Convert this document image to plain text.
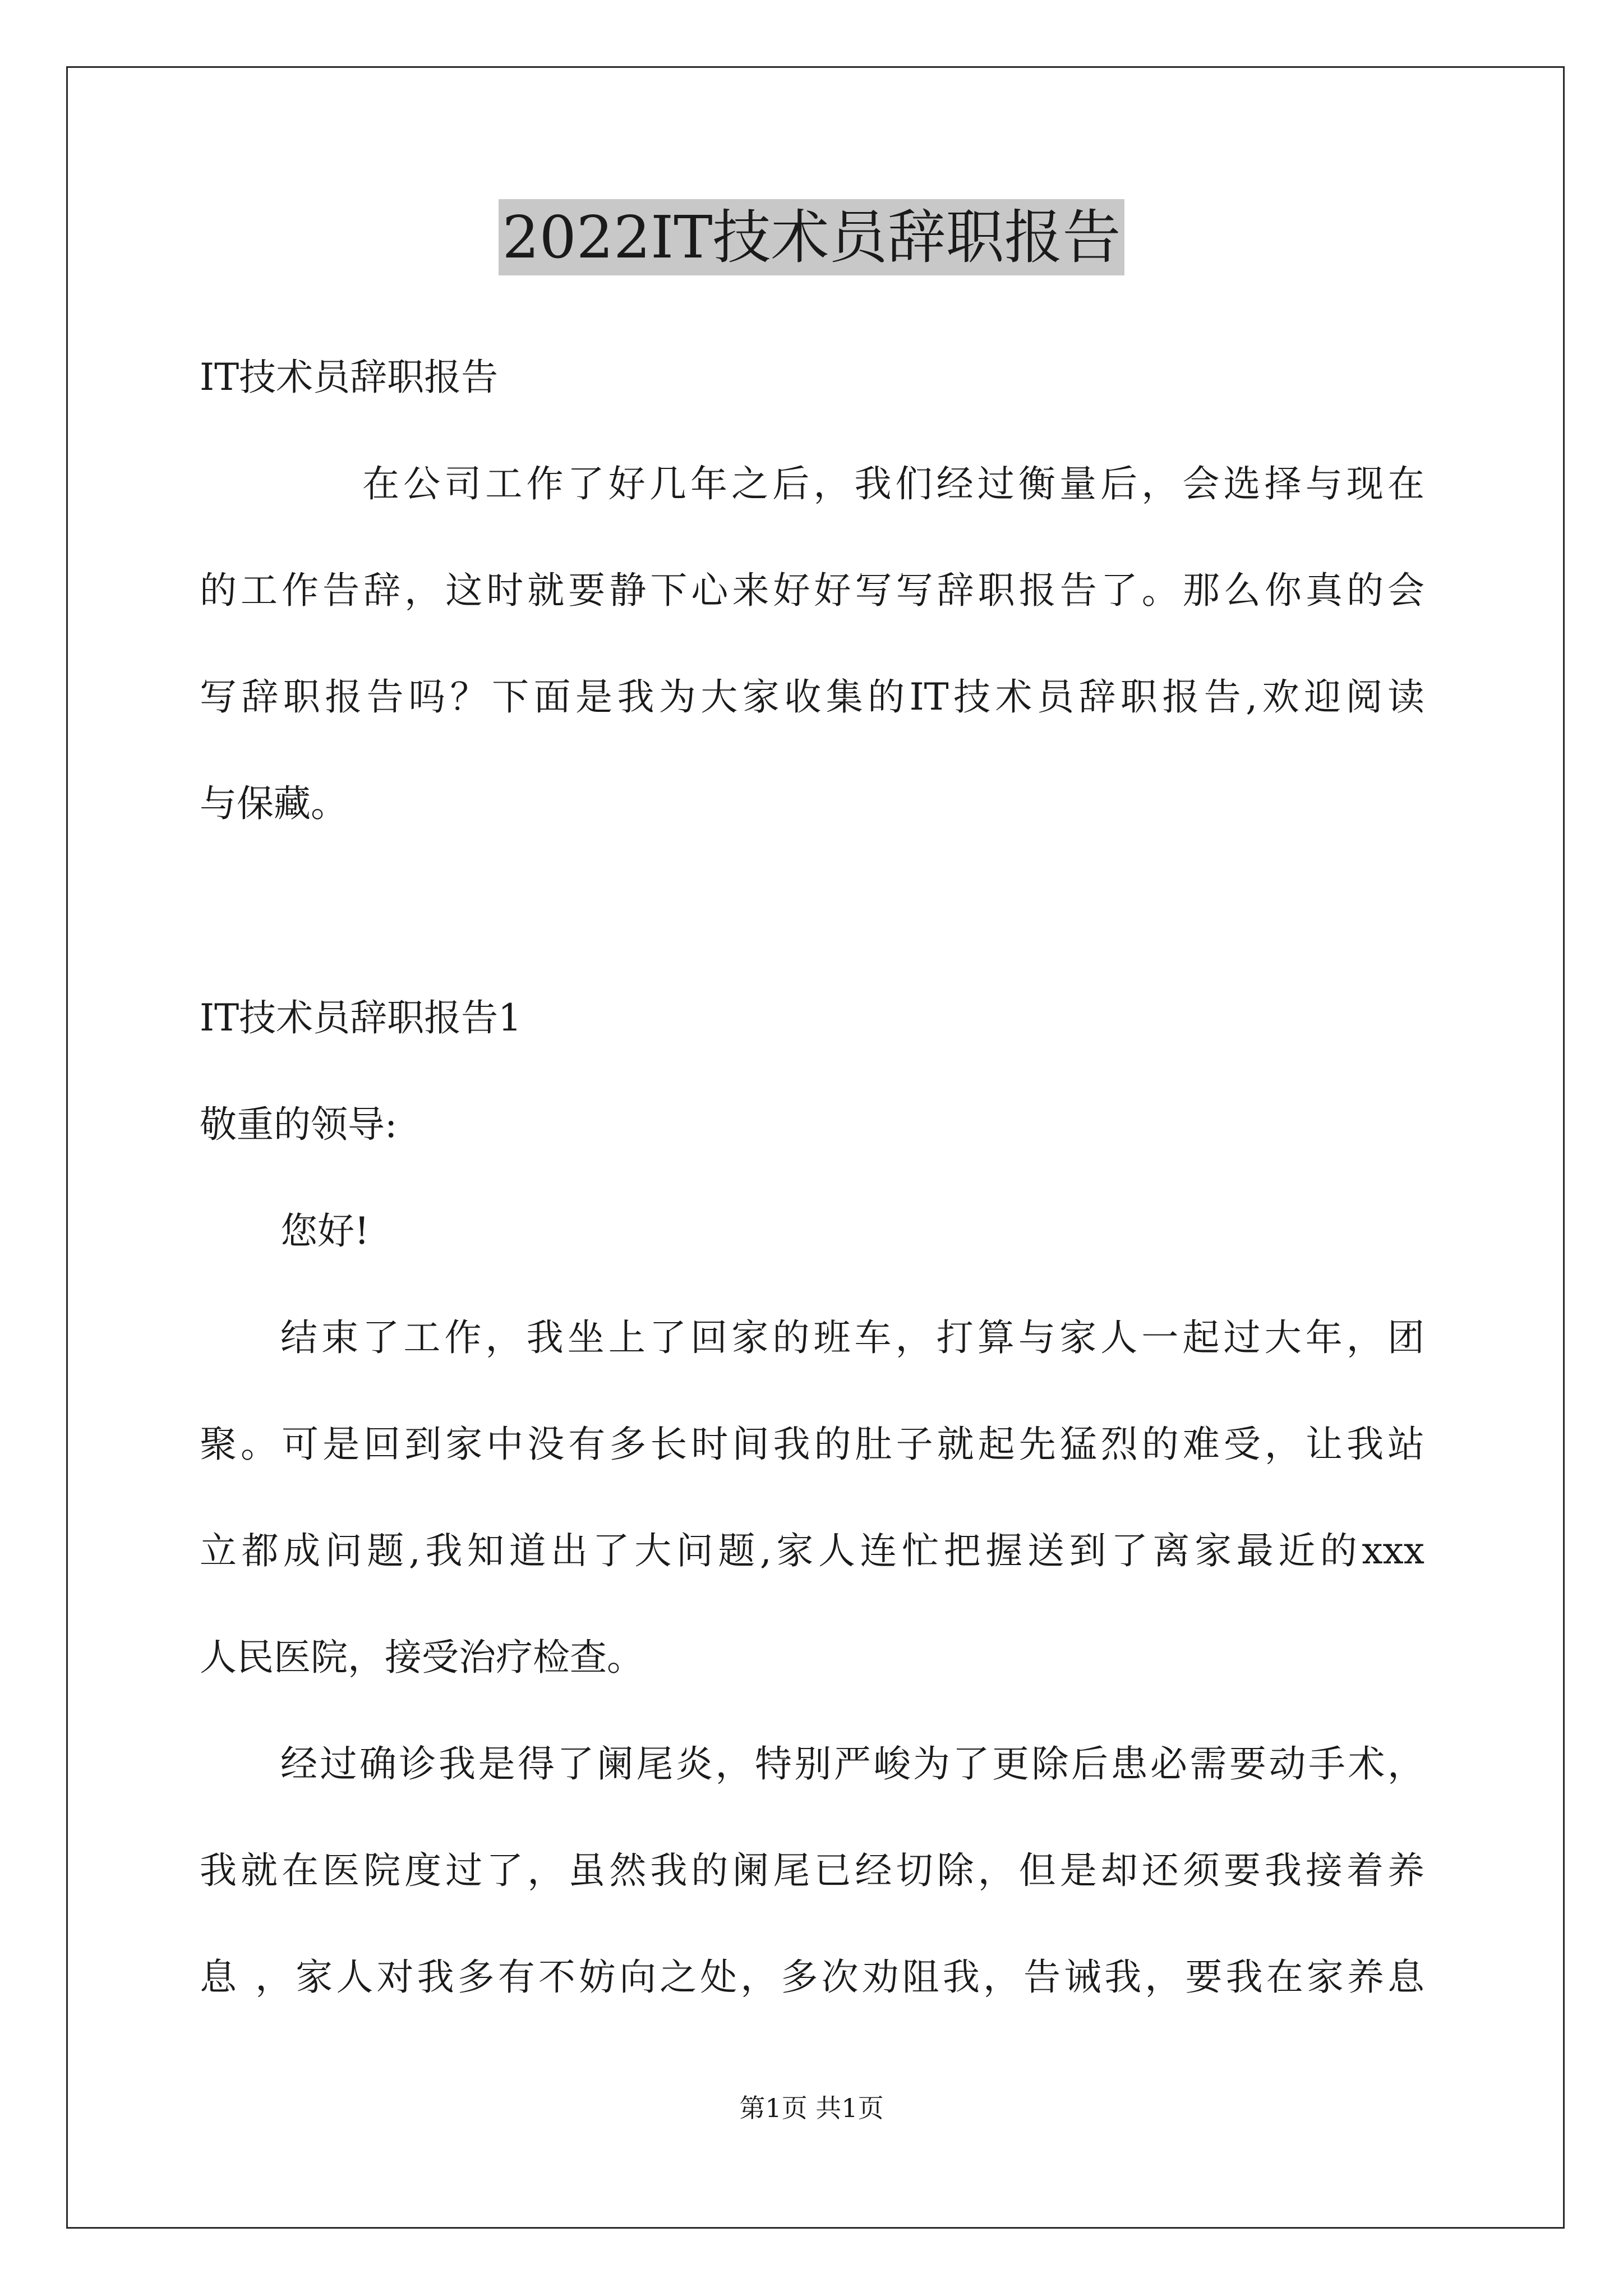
2022IT技术员辞职报告
IT技术员辞职报告
在公司工作了好几年之后，我们经过衡量后，会选择与现在
的工作告辞，这时就要静下心来好好写写辞职报告了。那么你真的会
写辞职报告吗？下面是我为大家收集的IT技术员辞职报告,欢迎阅读
与保藏。
IT技术员辞职报告1
敬重的领导:
您好!
结束了工作，我坐上了回家的班车，打算与家人一起过大年，团
聚。可是回到家中没有多长时间我的肚子就起先猛烈的难受，让我站
立都成问题,我知道出了大问题,家人连忙把握送到了离家最近的xxx
人民医院，接受治疗检查。
经过确诊我是得了阑尾炎，特别严峻为了更除后患必需要动手术，
我就在医院度过了，虽然我的阑尾已经切除，但是却还须要我接着养
息 ，家人对我多有不妨向之处，多次劝阻我，告诫我，要我在家养息
第1页 共1页
